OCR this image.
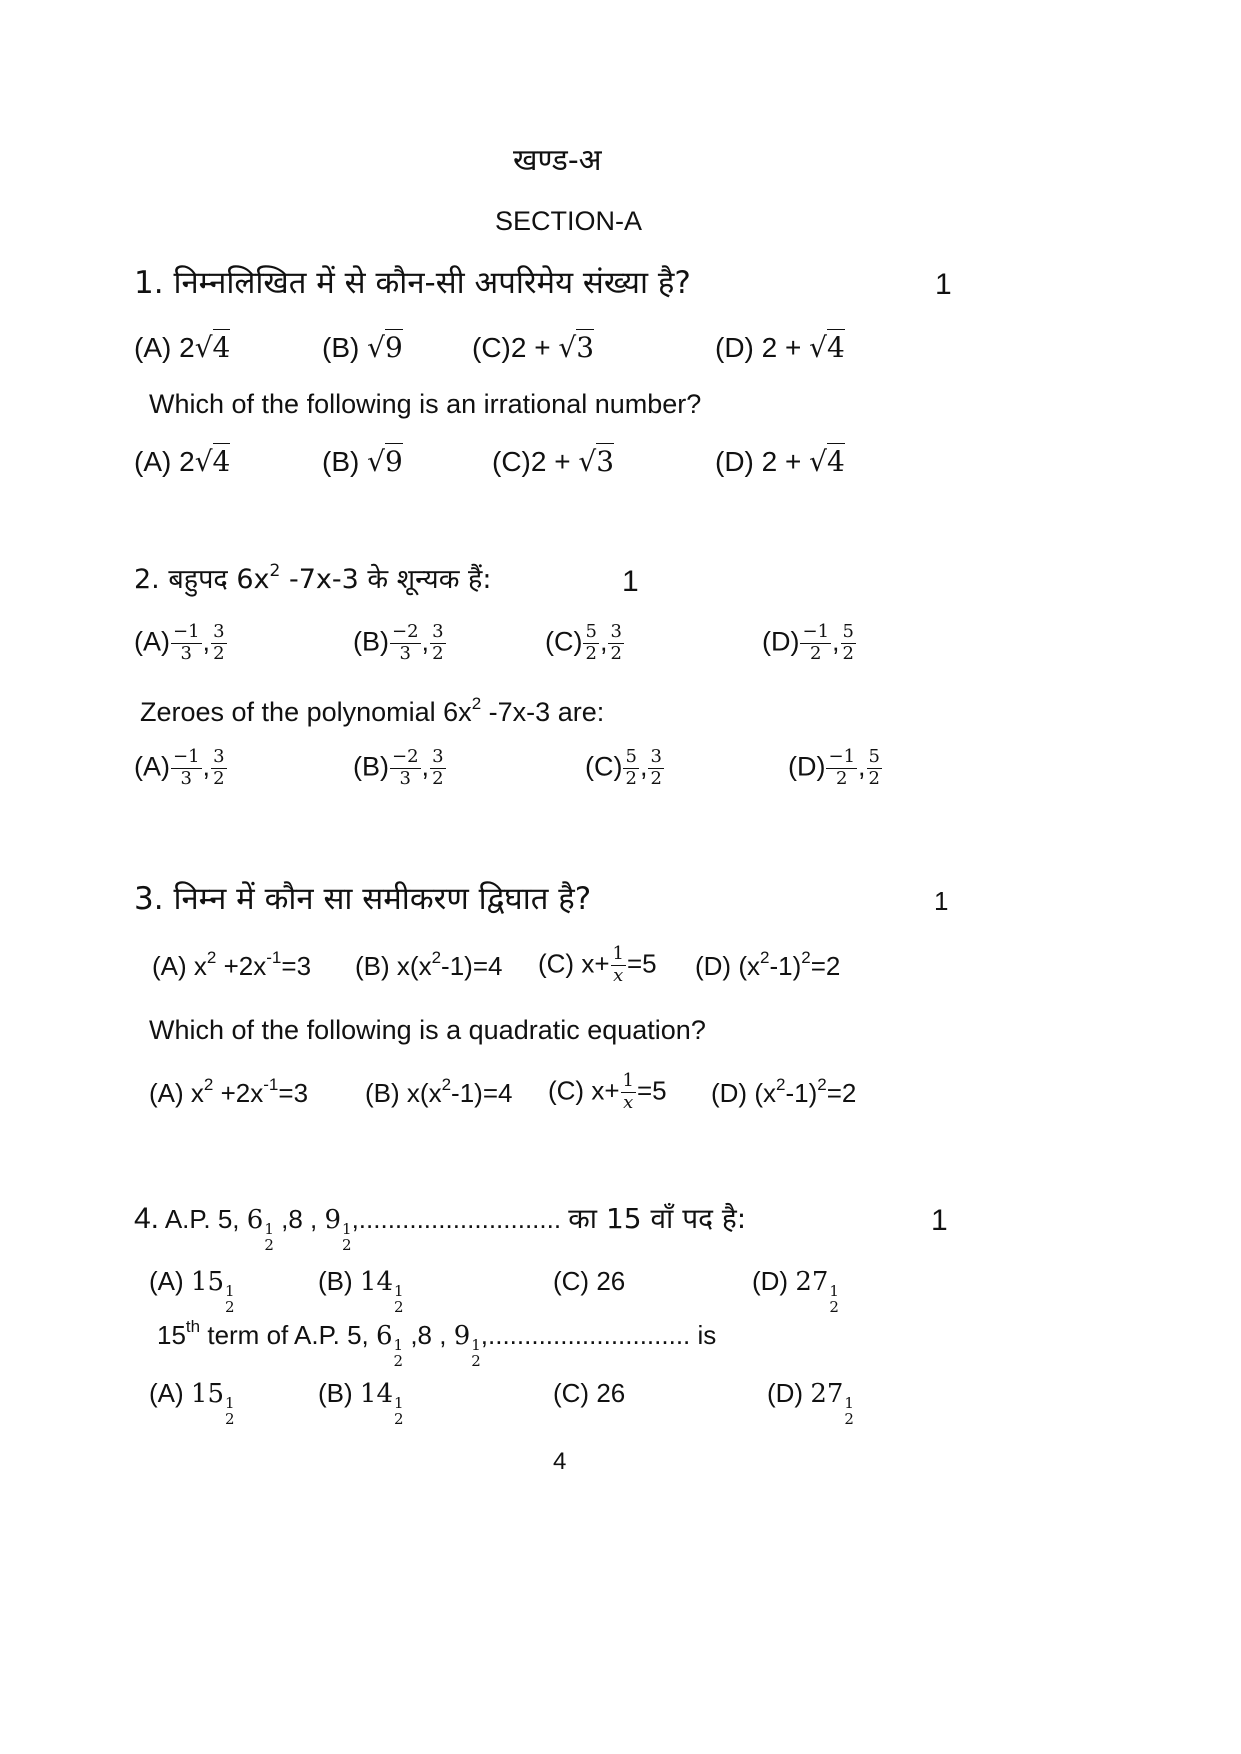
खण्ड-अ
SECTION-A
1. निम्नलिखित में से कौन-सी अपरिमेय संख्या है?	1
(A) 2√4	(B) √9 (C)2 + √3	(D) 2 + √4
Which of the following is an irrational number?
(A) 2√4	(B) √9	(C)2 + √3	(D) 2 + √4
2. बहुपद $6x^2$ -7x-3 के शून्यक हैं:	1
Zeroes of the polynomial $6x^2$ -7x-3 are:
3. निम्न में कौन सा समीकरण द्विघात है?	1
(A) $x^2 +2x^{-1}=3$ (B) $x(x^2-1)=4$ (C) $x+ \frac{1}{x} =5$ (D) $(x^2-1)^2=2$
Which of the following is a quadratic equation?
(A) $x^2 +2x^{-1}=3$ (B) $x(x^2-1)=4$ (C) $x+ \frac{1}{x} =5$ (D) $(x^2-1)^2=2$
4. A.P. 5, 6 1
2
,8 , 9 1
2
,............................ का 15 वाँ पद है:	1
15th term of A.P. 5, 6 1
2
,8 , 9 1
2
,............................ is
4
$(A) \frac{-1}{3}$ , $\frac{3}{2}$	$(B) \frac{-2}{3}$ , $\frac{3}{2}$	$(C) \frac{5}{2}$ , $\frac{3}{2}$	$(D) \frac{-1}{2}$ , $\frac{5}{2}$
$(A) \frac{-1}{3}$ , $\frac{3}{2}$	$(B) \frac{-2}{3}$ , $\frac{3}{2}$	$(C) \frac{5}{2}$ , $\frac{3}{2}$	$(D) \frac{-1}{2}$ , $\frac{5}{2}$
(A) 15 1
2
(B) 14 1
2
(C) 26	(D) 27 1
2
(A) 15 1
2
(B) 14 1
2
(C) 26	(D) 27 1
2
